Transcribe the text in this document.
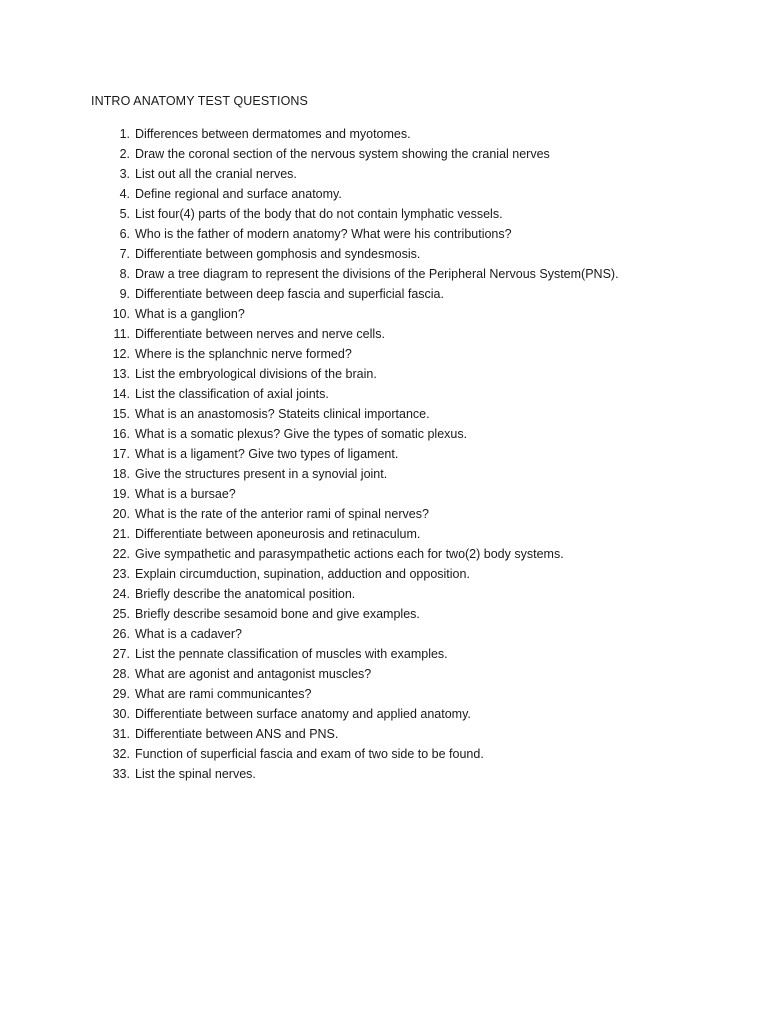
INTRO ANATOMY TEST QUESTIONS
1. Differences between dermatomes and myotomes.
2. Draw the coronal section of the nervous system showing the cranial nerves
3. List out all the cranial nerves.
4. Define regional and surface anatomy.
5. List four(4) parts of the body that do not contain lymphatic vessels.
6. Who is the father of modern anatomy? What were his contributions?
7. Differentiate between gomphosis and syndesmosis.
8. Draw a tree diagram to represent the divisions of the Peripheral Nervous System(PNS).
9. Differentiate between deep fascia and superficial fascia.
10. What is a ganglion?
11. Differentiate between nerves and nerve cells.
12. Where is the splanchnic nerve formed?
13. List the embryological divisions of the brain.
14. List the classification of axial joints.
15. What is an anastomosis? Stateits clinical importance.
16. What is a somatic plexus? Give the types of somatic plexus.
17. What is a ligament? Give two types of ligament.
18. Give the structures present in a synovial joint.
19. What is a bursae?
20. What is the rate of the anterior rami of spinal nerves?
21. Differentiate between aponeurosis and retinaculum.
22. Give sympathetic and parasympathetic actions each for two(2) body systems.
23. Explain circumduction, supination, adduction and opposition.
24. Briefly describe the anatomical position.
25. Briefly describe sesamoid bone and give examples.
26. What is a cadaver?
27. List the pennate classification of muscles with examples.
28. What are agonist and antagonist muscles?
29. What are rami communicantes?
30. Differentiate between surface anatomy and applied anatomy.
31. Differentiate between ANS and PNS.
32. Function of superficial fascia and exam of two side to be found.
33. List the spinal nerves.
